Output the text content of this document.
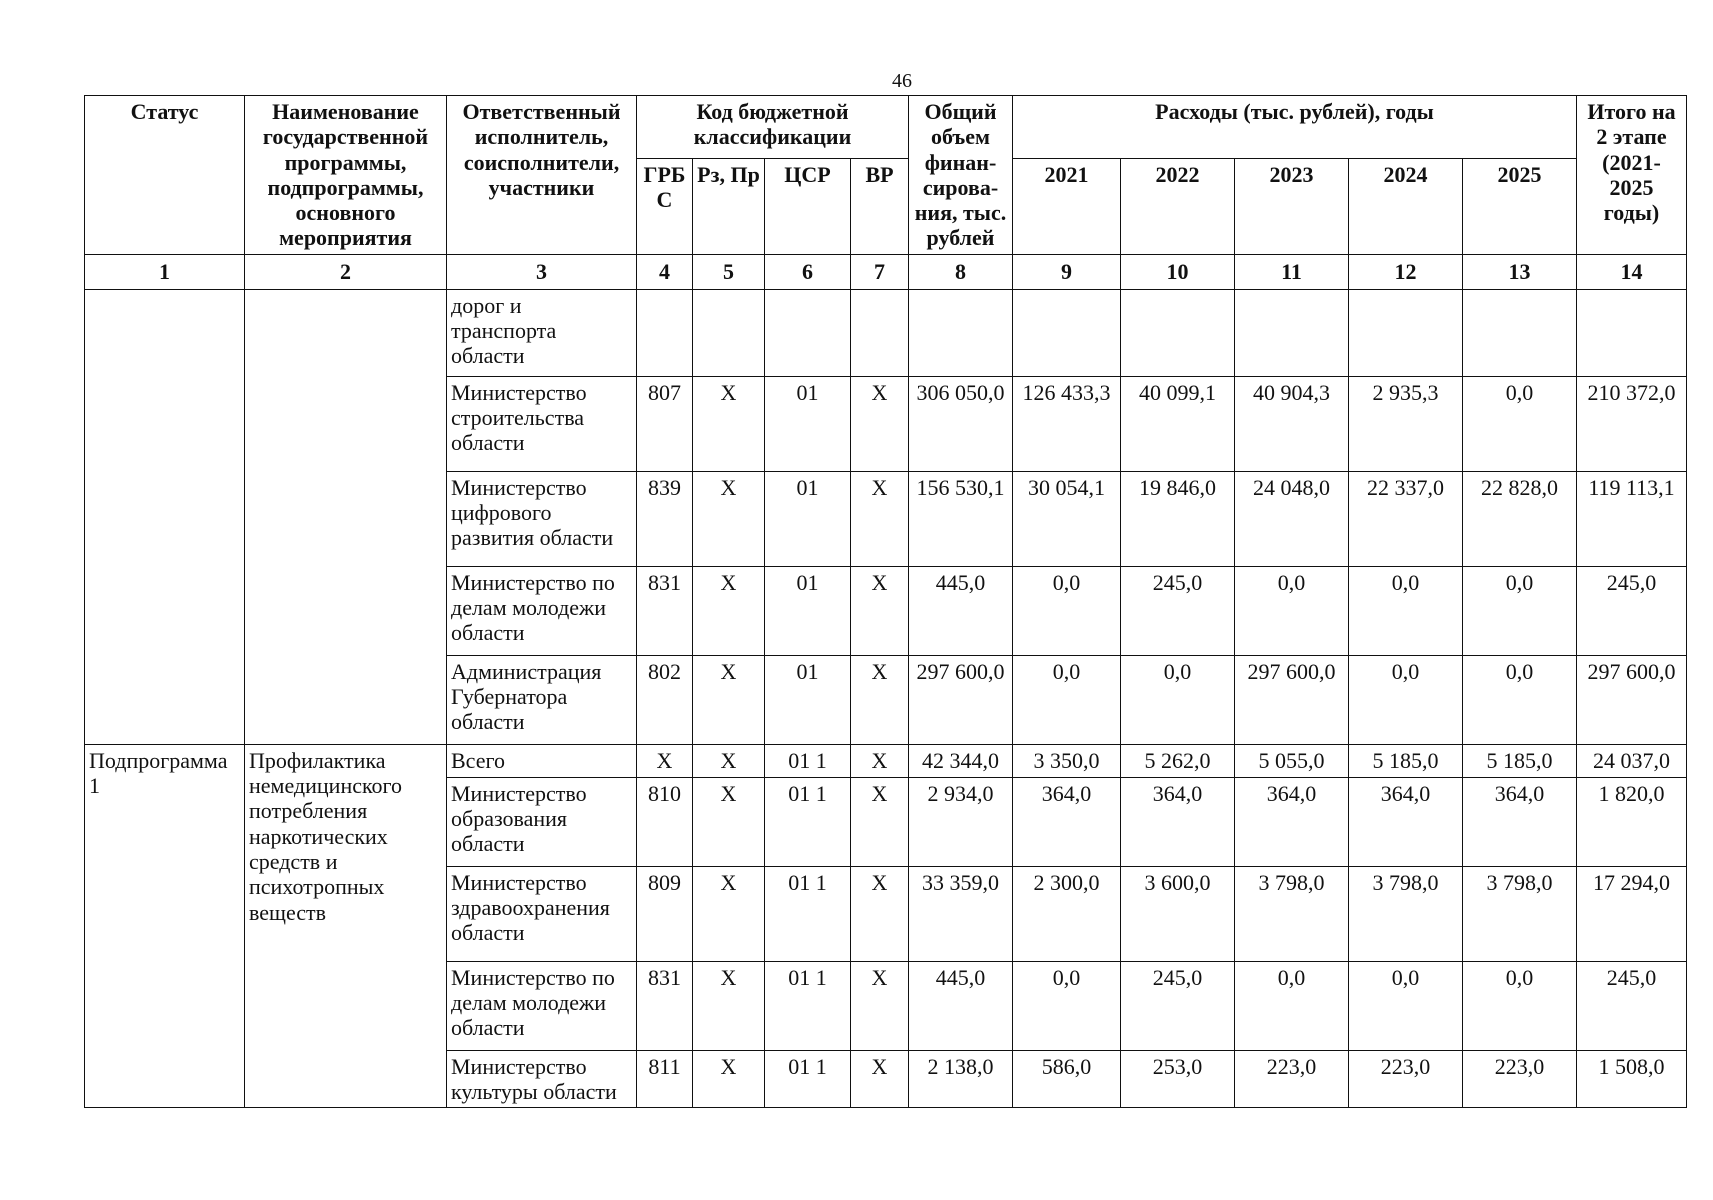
46
Статус	Наименование государственной программы, подпрограммы, основного мероприятия	Ответственный исполнитель, соисполнители, участники	Код бюджетной классификации				Общий объем финан-сирова-ния, тыс. рублей	Расходы (тыс. рублей), годы					Итого на 2 этапе (2021-2025 годы)
			ГРБ С	Рз, Пр	ЦСР	ВР		2021	2022	2023	2024	2025	
1	2	3	4	5	6	7	8	9	10	11	12	13	14
		дорог и транспорта области											
		Министерство строительства области	807	X	01	X	306 050,0	126 433,3	40 099,1	40 904,3	2 935,3	0,0	210 372,0
		Министерство цифрового развития области	839	X	01	X	156 530,1	30 054,1	19 846,0	24 048,0	22 337,0	22 828,0	119 113,1
		Министерство по делам молодежи области	831	X	01	X	445,0	0,0	245,0	0,0	0,0	0,0	245,0
		Администрация Губернатора области	802	X	01	X	297 600,0	0,0	0,0	297 600,0	0,0	0,0	297 600,0
Подпрограмма 1	Профилактика немедицинского потребления наркотических средств и психотропных веществ	Всего	X	X	01 1	X	42 344,0	3 350,0	5 262,0	5 055,0	5 185,0	5 185,0	24 037,0
		Министерство образования области	810	X	01 1	X	2 934,0	364,0	364,0	364,0	364,0	364,0	1 820,0
		Министерство здравоохранения области	809	X	01 1	X	33 359,0	2 300,0	3 600,0	3 798,0	3 798,0	3 798,0	17 294,0
		Министерство по делам молодежи области	831	X	01 1	X	445,0	0,0	245,0	0,0	0,0	0,0	245,0
		Министерство культуры области	811	X	01 1	X	2 138,0	586,0	253,0	223,0	223,0	223,0	1 508,0
